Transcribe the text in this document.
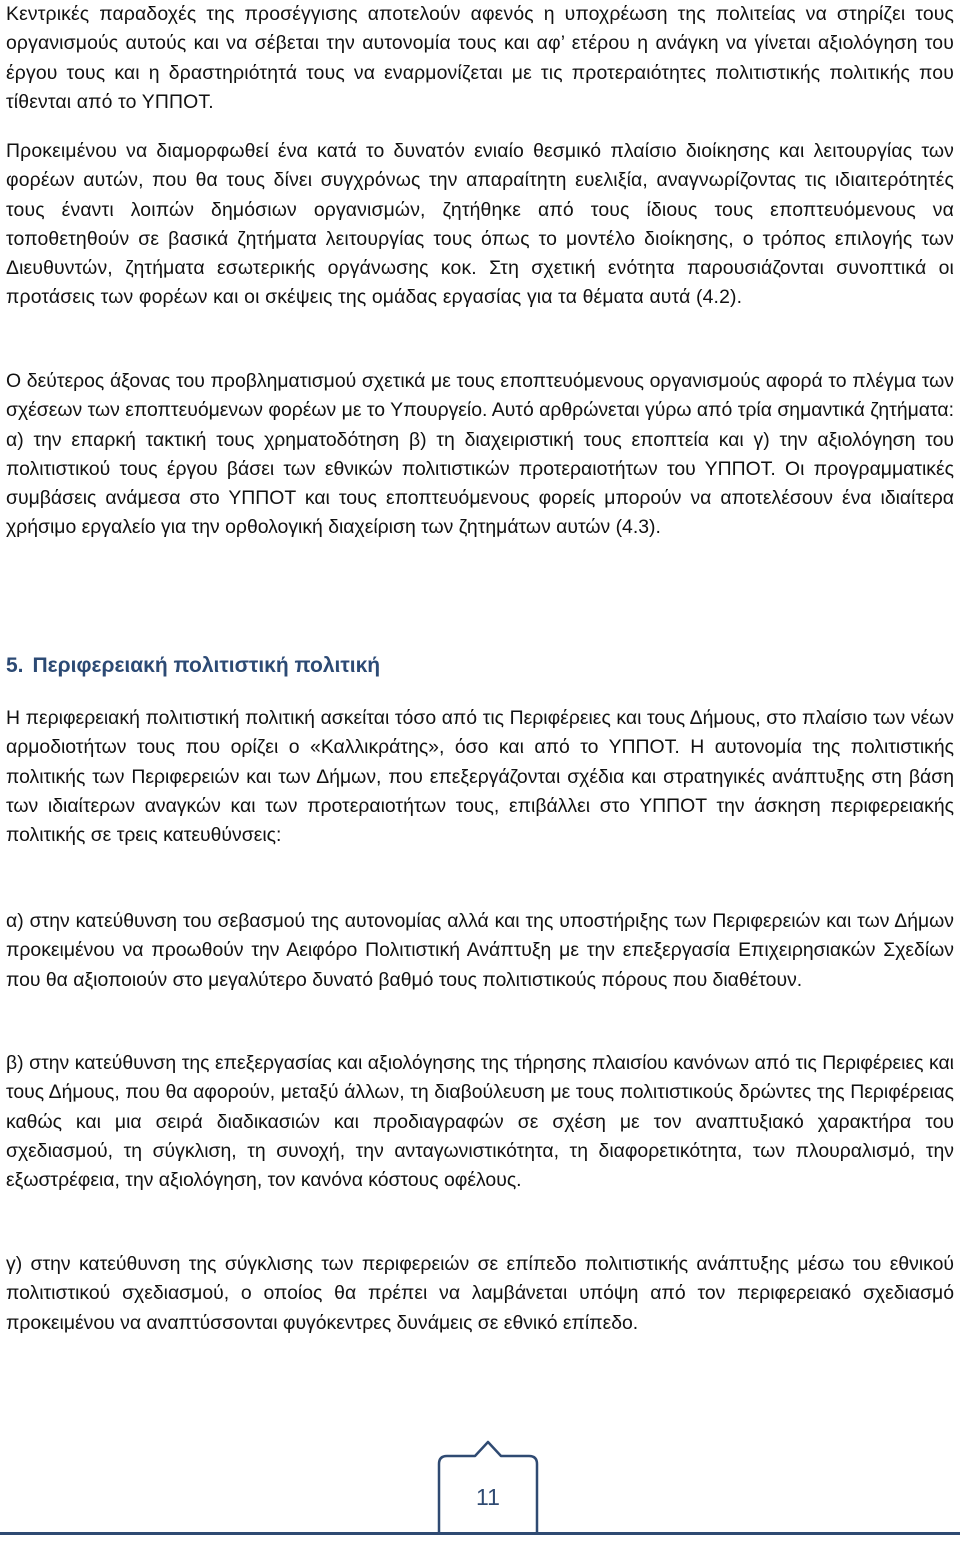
Κεντρικές παραδοχές της προσέγγισης αποτελούν αφενός η υποχρέωση της πολιτείας να στηρίζει τους οργανισμούς αυτούς και να σέβεται την αυτονομία τους και αφ’ ετέρου η ανάγκη να γίνεται αξιολόγηση του έργου τους και η δραστηριότητά τους να εναρμονίζεται με τις προτεραιότητες πολιτιστικής πολιτικής που τίθενται από το ΥΠΠΟΤ.

Προκειμένου να διαμορφωθεί ένα κατά το δυνατόν ενιαίο θεσμικό πλαίσιο διοίκησης και λειτουργίας των φορέων αυτών, που θα τους δίνει συγχρόνως την απαραίτητη ευελιξία, αναγνωρίζοντας τις ιδιαιτερότητές τους έναντι λοιπών δημόσιων οργανισμών, ζητήθηκε από τους ίδιους τους εποπτευόμενους να τοποθετηθούν σε βασικά ζητήματα λειτουργίας τους όπως το μοντέλο διοίκησης, ο τρόπος επιλογής των Διευθυντών, ζητήματα εσωτερικής οργάνωσης κοκ. Στη σχετική ενότητα παρουσιάζονται συνοπτικά οι προτάσεις των φορέων και οι σκέψεις της ομάδας εργασίας για τα θέματα αυτά (4.2).

Ο δεύτερος άξονας του προβληματισμού σχετικά με τους εποπτευόμενους οργανισμούς αφορά το πλέγμα των σχέσεων των εποπτευόμενων φορέων με το Υπουργείο. Αυτό αρθρώνεται γύρω από τρία σημαντικά ζητήματα: α) την επαρκή τακτική τους χρηματοδότηση β) τη διαχειριστική τους εποπτεία και γ) την αξιολόγηση του πολιτιστικού τους έργου βάσει των εθνικών πολιτιστικών προτεραιοτήτων του ΥΠΠΟΤ. Οι προγραμματικές συμβάσεις ανάμεσα στο ΥΠΠΟΤ και τους εποπτευόμενους φορείς μπορούν να αποτελέσουν ένα ιδιαίτερα χρήσιμο εργαλείο για την ορθολογική διαχείριση των ζητημάτων αυτών (4.3).

5. Περιφερειακή πολιτιστική πολιτική

Η περιφερειακή πολιτιστική πολιτική ασκείται τόσο από τις Περιφέρειες και τους Δήμους, στο πλαίσιο των νέων αρμοδιοτήτων τους που ορίζει ο «Καλλικράτης», όσο και από το ΥΠΠΟΤ. Η αυτονομία της πολιτιστικής πολιτικής των Περιφερειών και των Δήμων, που επεξεργάζονται σχέδια και στρατηγικές ανάπτυξης στη βάση των ιδιαίτερων αναγκών και των προτεραιοτήτων τους, επιβάλλει στο ΥΠΠΟΤ την άσκηση περιφερειακής πολιτικής σε τρεις κατευθύνσεις:

α) στην κατεύθυνση του σεβασμού της αυτονομίας αλλά και της υποστήριξης των Περιφερειών και των Δήμων προκειμένου να προωθούν την Αειφόρο Πολιτιστική Ανάπτυξη με την επεξεργασία Επιχειρησιακών Σχεδίων που θα αξιοποιούν στο μεγαλύτερο δυνατό βαθμό τους πολιτιστικούς πόρους που διαθέτουν.

β) στην κατεύθυνση της επεξεργασίας και αξιολόγησης της τήρησης πλαισίου κανόνων από τις Περιφέρειες και τους Δήμους, που θα αφορούν, μεταξύ άλλων, τη διαβούλευση με τους πολιτιστικούς δρώντες της Περιφέρειας καθώς και μια σειρά διαδικασιών και προδιαγραφών σε σχέση με τον αναπτυξιακό χαρακτήρα του σχεδιασμού, τη σύγκλιση, τη συνοχή, την ανταγωνιστικότητα, τη διαφορετικότητα, των πλουραλισμό, την εξωστρέφεια, την αξιολόγηση, τον κανόνα κόστους οφέλους.

γ) στην κατεύθυνση της σύγκλισης των περιφερειών σε επίπεδο πολιτιστικής ανάπτυξης μέσω του εθνικού πολιτιστικού σχεδιασμού, ο οποίος θα πρέπει να λαμβάνεται υπόψη από τον περιφερειακό σχεδιασμό προκειμένου να αναπτύσσονται φυγόκεντρες δυνάμεις σε εθνικό επίπεδο.

11
